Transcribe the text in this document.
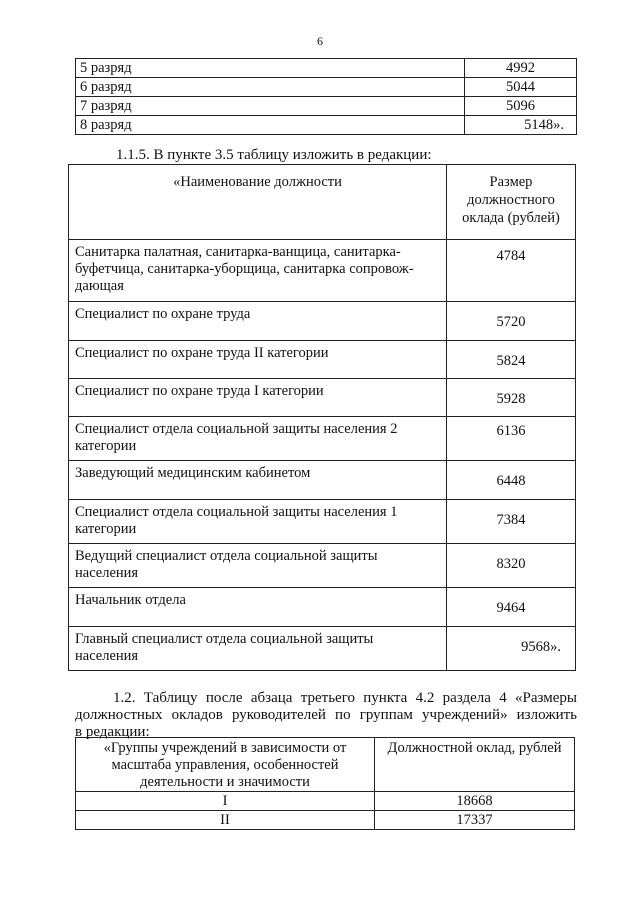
6
5 разряд	4992
6 разряд	5044
7 разряд	5096
8 разряд	5148».
1.1.5. В пункте 3.5 таблицу изложить в редакции:
«Наименование должности	Размер должностного оклада (рублей)
Санитарка палатная, санитарка-ванщица, санитарка-буфетчица, санитарка-уборщица, санитарка сопровож-дающая	4784
Специалист по охране труда	5720
Специалист по охране труда II категории	5824
Специалист по охране труда I категории	5928
Специалист отдела социальной защиты населения 2 категории	6136
Заведующий медицинским кабинетом	6448
Специалист отдела социальной защиты населения 1 категории	7384
Ведущий специалист отдела социальной защиты населения	8320
Начальник отдела	9464
Главный специалист отдела социальной защиты населения	9568».
1.2. Таблицу после абзаца третьего пункта 4.2 раздела 4 «Размеры
должностных окладов руководителей по группам учреждений» изложить
в редакции:
«Группы учреждений в зависимости от масштаба управления, особенностей деятельности и значимости	Должностной оклад, рублей
I	18668
II	17337
